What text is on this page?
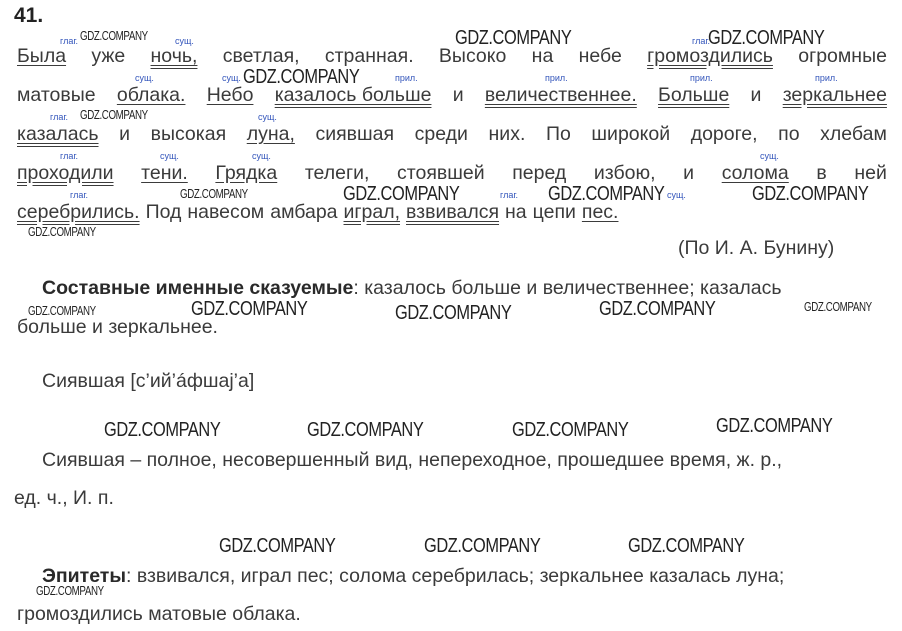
41.
Была уже ночь, светлая, странная. Высоко на небе громоздились огромные
матовые облака. Небо казалось больше и величественнее. Больше и зеркальнее
казалась и высокая луна, сиявшая среди них. По широкой дороге, по хлебам
проходили тени. Грядка телеги, стоявшей перед избою, и солома в ней
серебрились. Под навесом амбара играл, взвивался на цепи пес.
глаг.	сущ.	глаг.
сущ.	сущ.	прил.	прил.	прил.	прил.
глаг.	сущ.
глаг.	сущ.	сущ.	сущ.
глаг.	глаг.	сущ.
(По И. А. Бунину)
Составные именные сказуемые: казалось больше и величественнее; казалась
больше и зеркальнее.
Сиявшая [с’ий’áфшаj’а]
Сиявшая – полное, несовершенный вид, непереходное, прошедшее время, ж. р.,
ед. ч., И. п.
Эпитеты: взвивался, играл пес; солома серебрилась; зеркальнее казалась луна;
громоздились матовые облака.
GDZ.COMPANY	GDZ.COMPANY	GDZ.COMPANY
GDZ.COMPANY
GDZ.COMPANY
GDZ.COMPANY	GDZ.COMPANY	GDZ.COMPANY	GDZ.COMPANY
GDZ.COMPANY
GDZ.COMPANY	GDZ.COMPANY	GDZ.COMPANY	GDZ.COMPANY	GDZ.COMPANY
GDZ.COMPANY	GDZ.COMPANY	GDZ.COMPANY	GDZ.COMPANY
GDZ.COMPANY	GDZ.COMPANY	GDZ.COMPANY
GDZ.COMPANY
